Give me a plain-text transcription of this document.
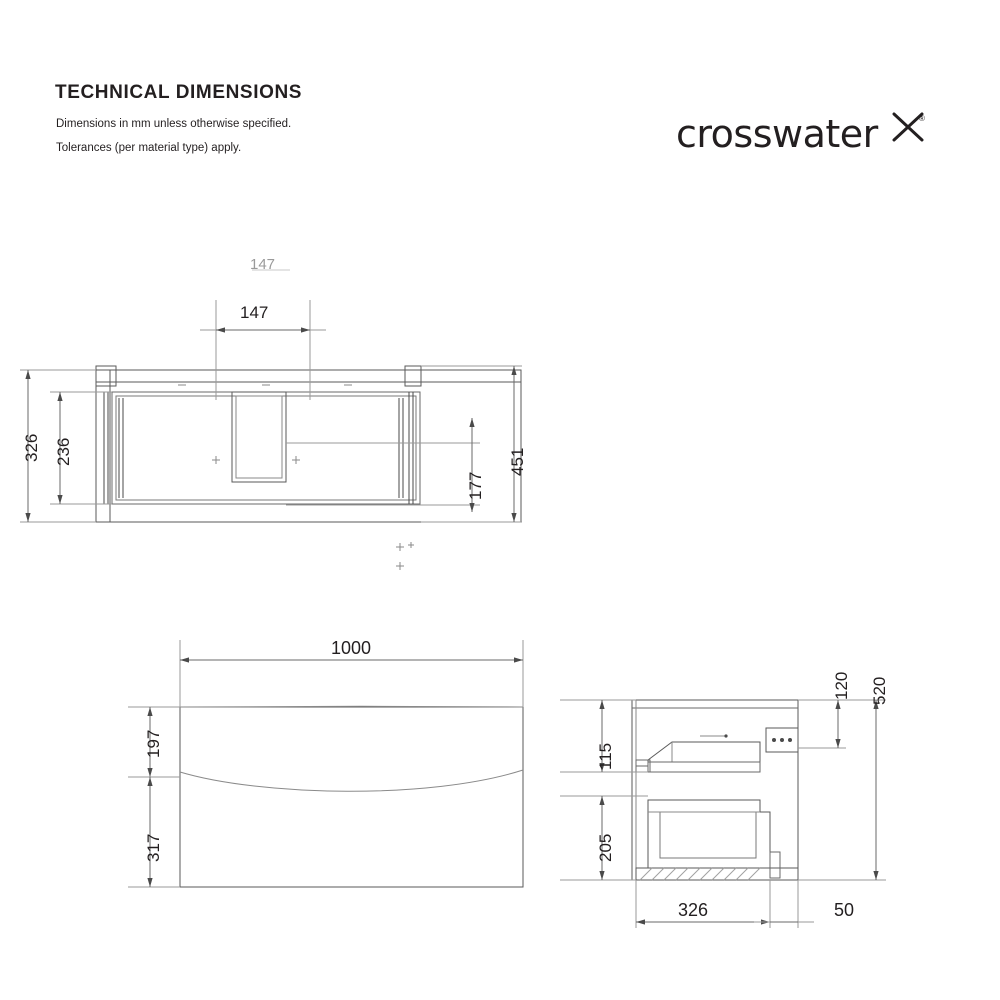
TECHNICAL DIMENSIONS
Dimensions in mm unless otherwise specified.
Tolerances (per material type) apply.	crosswater	®
147
147
326 236	451
177
1000
197
317
520
120
115
205
326	50
